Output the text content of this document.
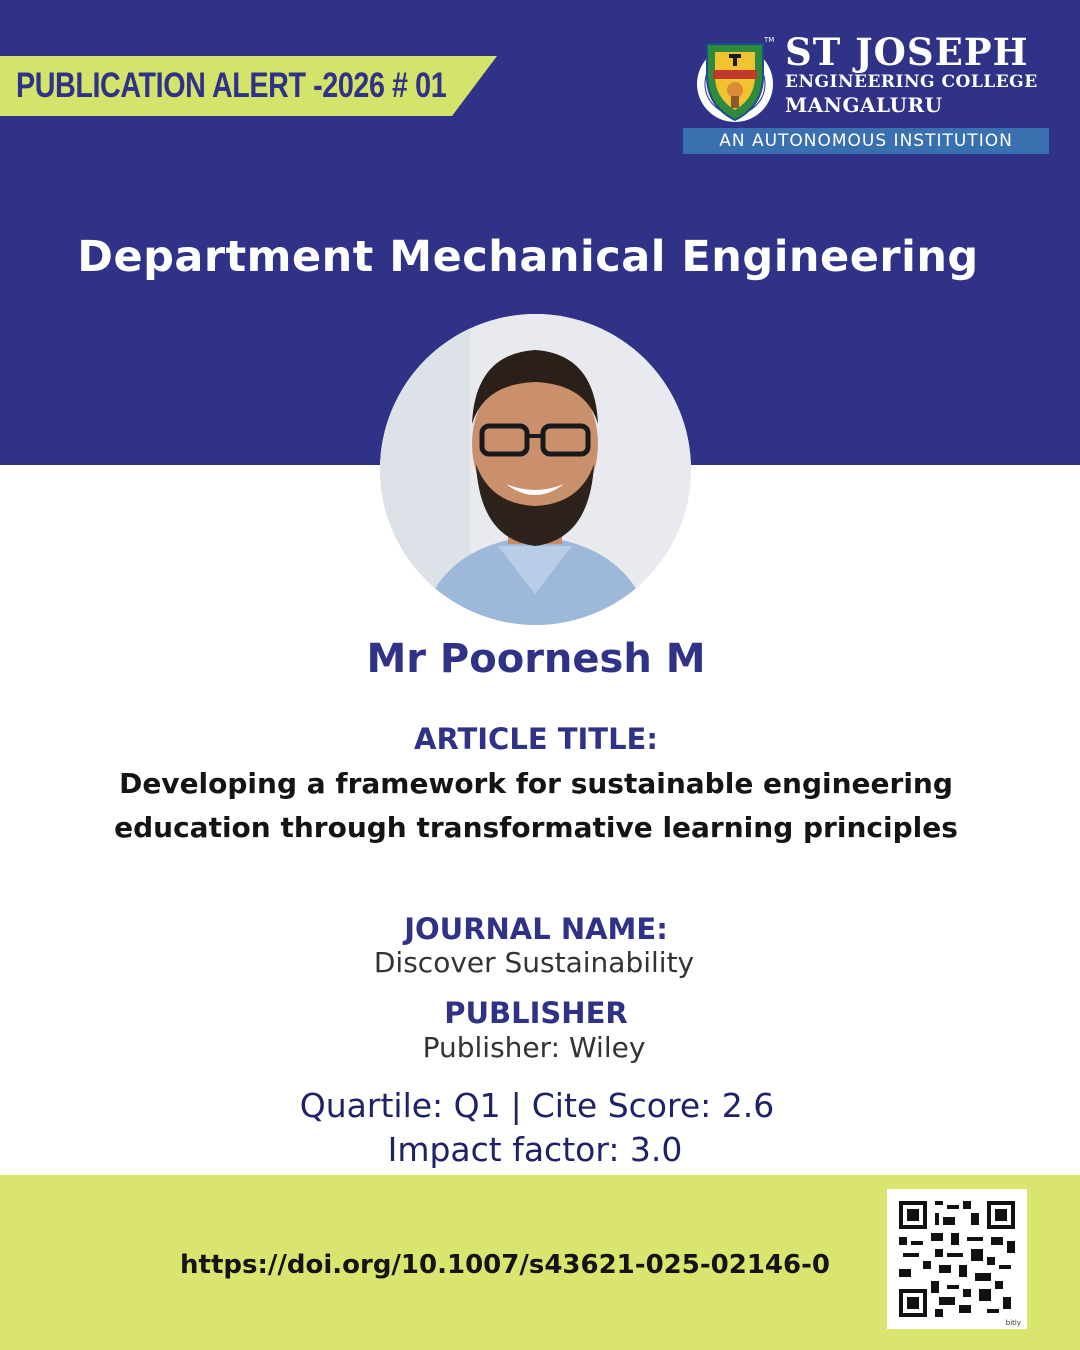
PUBLICATION ALERT -2026 # 01
TM ST JOSEPH
ENGINEERING COLLEGE
MANGALURU
AN AUTONOMOUS INSTITUTION
Department Mechanical Engineering
Mr Poornesh M
ARTICLE TITLE:
Developing a framework for sustainable engineering education through transformative learning principles
JOURNAL NAME:
Discover Sustainability
PUBLISHER
Publisher: Wiley
Quartile: Q1 | Cite Score: 2.6
Impact factor: 3.0
https://doi.org/10.1007/s43621-025-02146-0
bitly
